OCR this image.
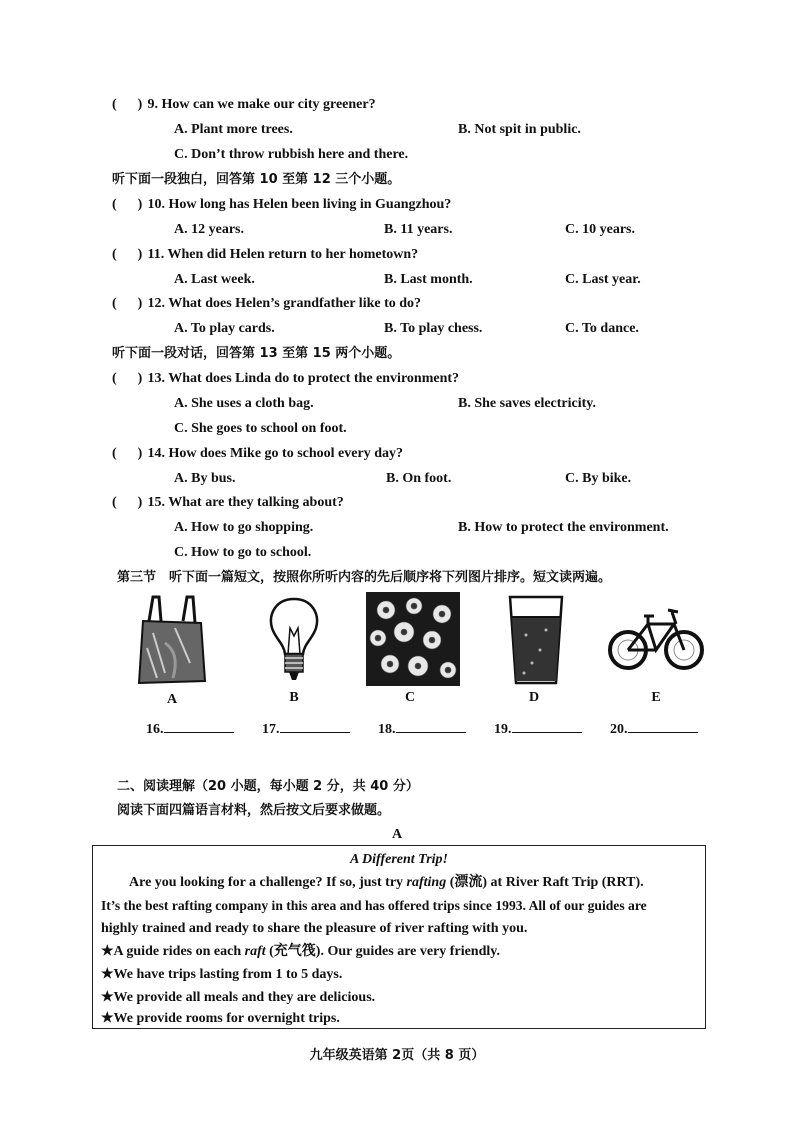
( ) 9. How can we make our city greener?
A. Plant more trees.	B. Not spit in public.
C. Don’t throw rubbish here and there.
听下面一段独白，回答第 10 至第 12 三个小题。
( ) 10. How long has Helen been living in Guangzhou?
A. 12 years.	B. 11 years.	C. 10 years.
( ) 11. When did Helen return to her hometown?
A. Last week.	B. Last month.	C. Last year.
( ) 12. What does Helen’s grandfather like to do?
A. To play cards.	B. To play chess.	C. To dance.
听下面一段对话，回答第 13 至第 15 两个小题。
( ) 13. What does Linda do to protect the environment?
A. She uses a cloth bag.	B. She saves electricity.
C. She goes to school on foot.
( ) 14. How does Mike go to school every day?
A. By bus.	B. On foot.	C. By bike.
( ) 15. What are they talking about?
A. How to go shopping.	B. How to protect the environment.
C. How to go to school.
第三节　听下面一篇短文，按照你所听内容的先后顺序将下列图片排序。短文读两遍。
A	B	C	D	E
16.	17.	18.	19.	20.
二、阅读理解（20 小题，每小题 2 分，共 40 分）
阅读下面四篇语言材料，然后按文后要求做题。
A
A Different Trip!
Are you looking for a challenge? If so, just try rafting (漂流) at River Raft Trip (RRT).
It’s the best rafting company in this area and has offered trips since 1993. All of our guides are
highly trained and ready to share the pleasure of river rafting with you.
★A guide rides on each raft (充气筏). Our guides are very friendly.
★We have trips lasting from 1 to 5 days.
★We provide all meals and they are delicious.
★We provide rooms for overnight trips.
九年级英语第 2页（共 8 页）
